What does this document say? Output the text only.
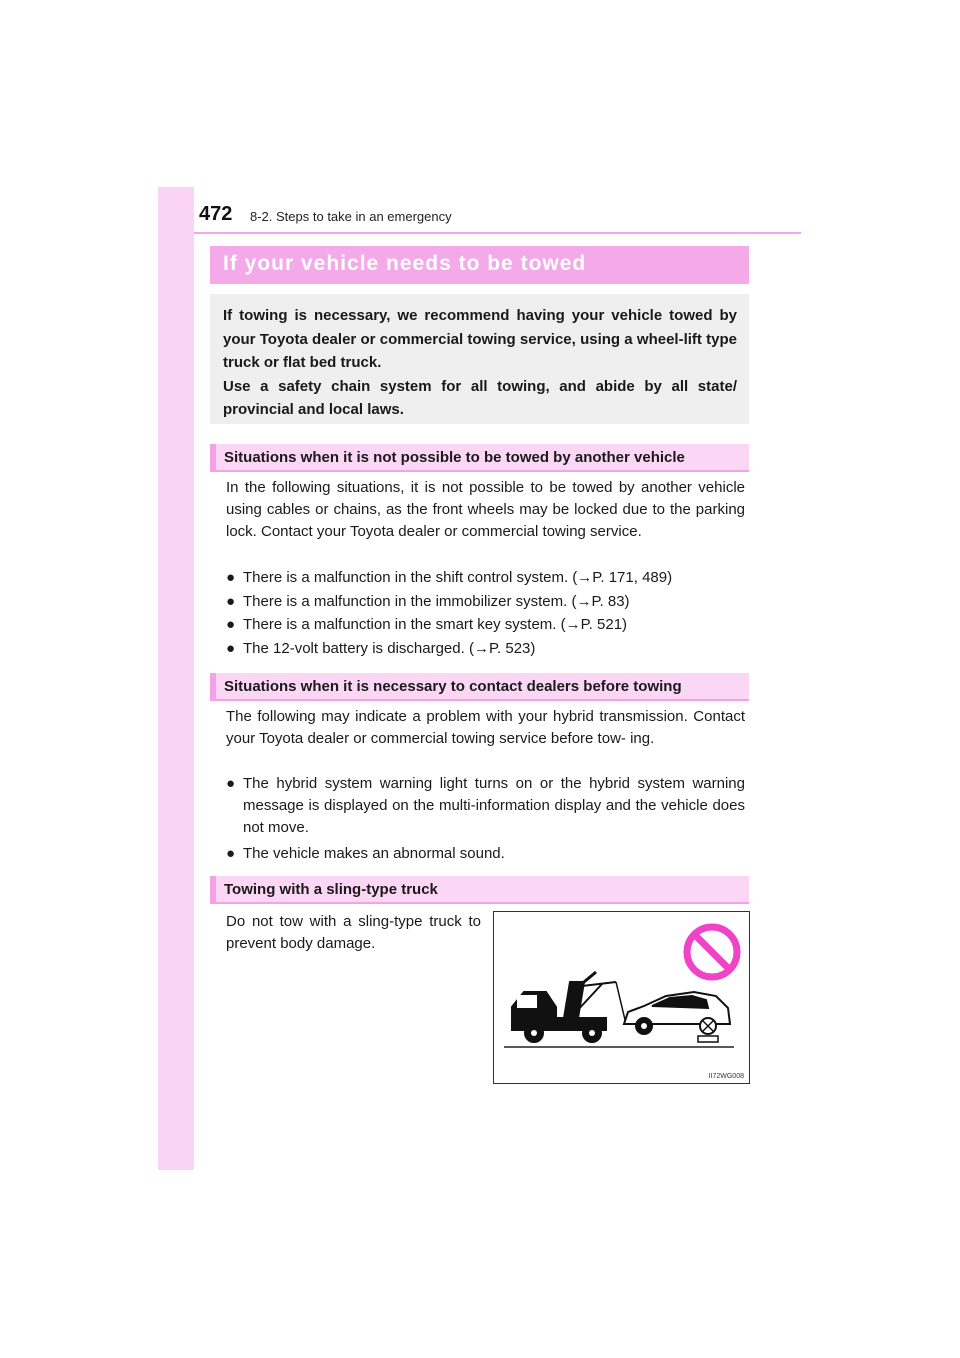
472 8-2. Steps to take in an emergency
If your vehicle needs to be towed

If towing is necessary, we recommend having your vehicle towed by your Toyota dealer or commercial towing service, using a wheel-lift type truck or flat bed truck.

Use a safety chain system for all towing, and abide by all state/ provincial and local laws.

Situations when it is not possible to be towed by another vehicle

In the following situations, it is not possible to be towed by another vehicle using cables or chains, as the front wheels may be locked due to the parking lock. Contact your Toyota dealer or commercial towing service.

● There is a malfunction in the shift control system. (→P. 171, 489)
● There is a malfunction in the immobilizer system. (→P. 83)
● There is a malfunction in the smart key system. (→P. 521)
● The 12-volt battery is discharged. (→P. 523)
Situations when it is necessary to contact dealers before towing

The following may indicate a problem with your hybrid transmission. Contact your Toyota dealer or commercial towing service before tow- ing.

● The hybrid system warning light turns on or the hybrid system warning message is displayed on the multi-information display and the vehicle does not move.
● The vehicle makes an abnormal sound.
Towing with a sling-type truck

Do not tow with a sling-type truck to prevent body damage.

II72WG008
